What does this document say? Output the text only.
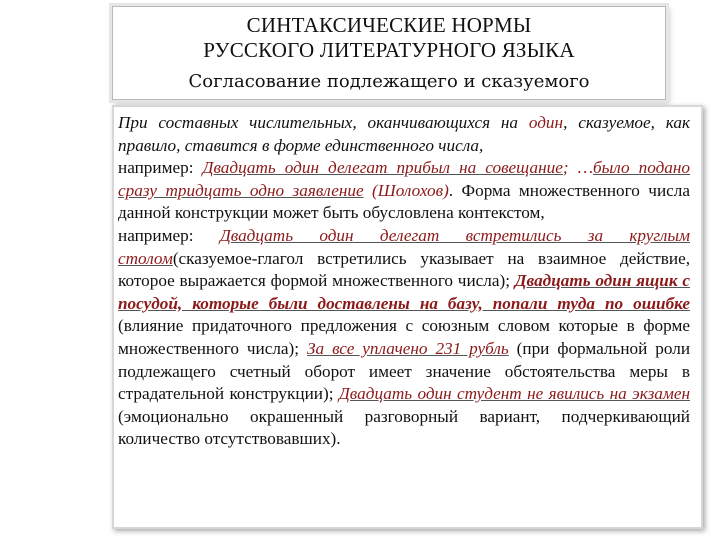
СИНТАКСИЧЕСКИЕ НОРМЫ
РУССКОГО ЛИТЕРАТУРНОГО ЯЗЫКА
Согласование подлежащего и сказуемого

При составных числительных, оканчивающихся на один, сказуемое, как правило, ставится в форме единственного числа,
например: Двадцать один делегат прибыл на совещание; …было подано сразу тридцать одно заявление (Шолохов). Форма множественного числа данной конструкции может быть обусловлена контекстом,
например: Двадцать один делегат встретились за круглым столом(сказуемое-глагол встретились указывает на взаимное действие, которое выражается формой множественного числа); Двадцать один ящик с посудой, которые были доставлены на базу, попали туда по ошибке (влияние придаточного предложения с союзным словом которые в форме множественного числа); За все уплачено 231 рубль (при формальной роли подлежащего счетный оборот имеет значение обстоятельства меры в страдательной конструкции); Двадцать один студент не явились на экзамен (эмоционально окрашенный разговорный вариант, подчеркивающий количество отсутствовавших).
